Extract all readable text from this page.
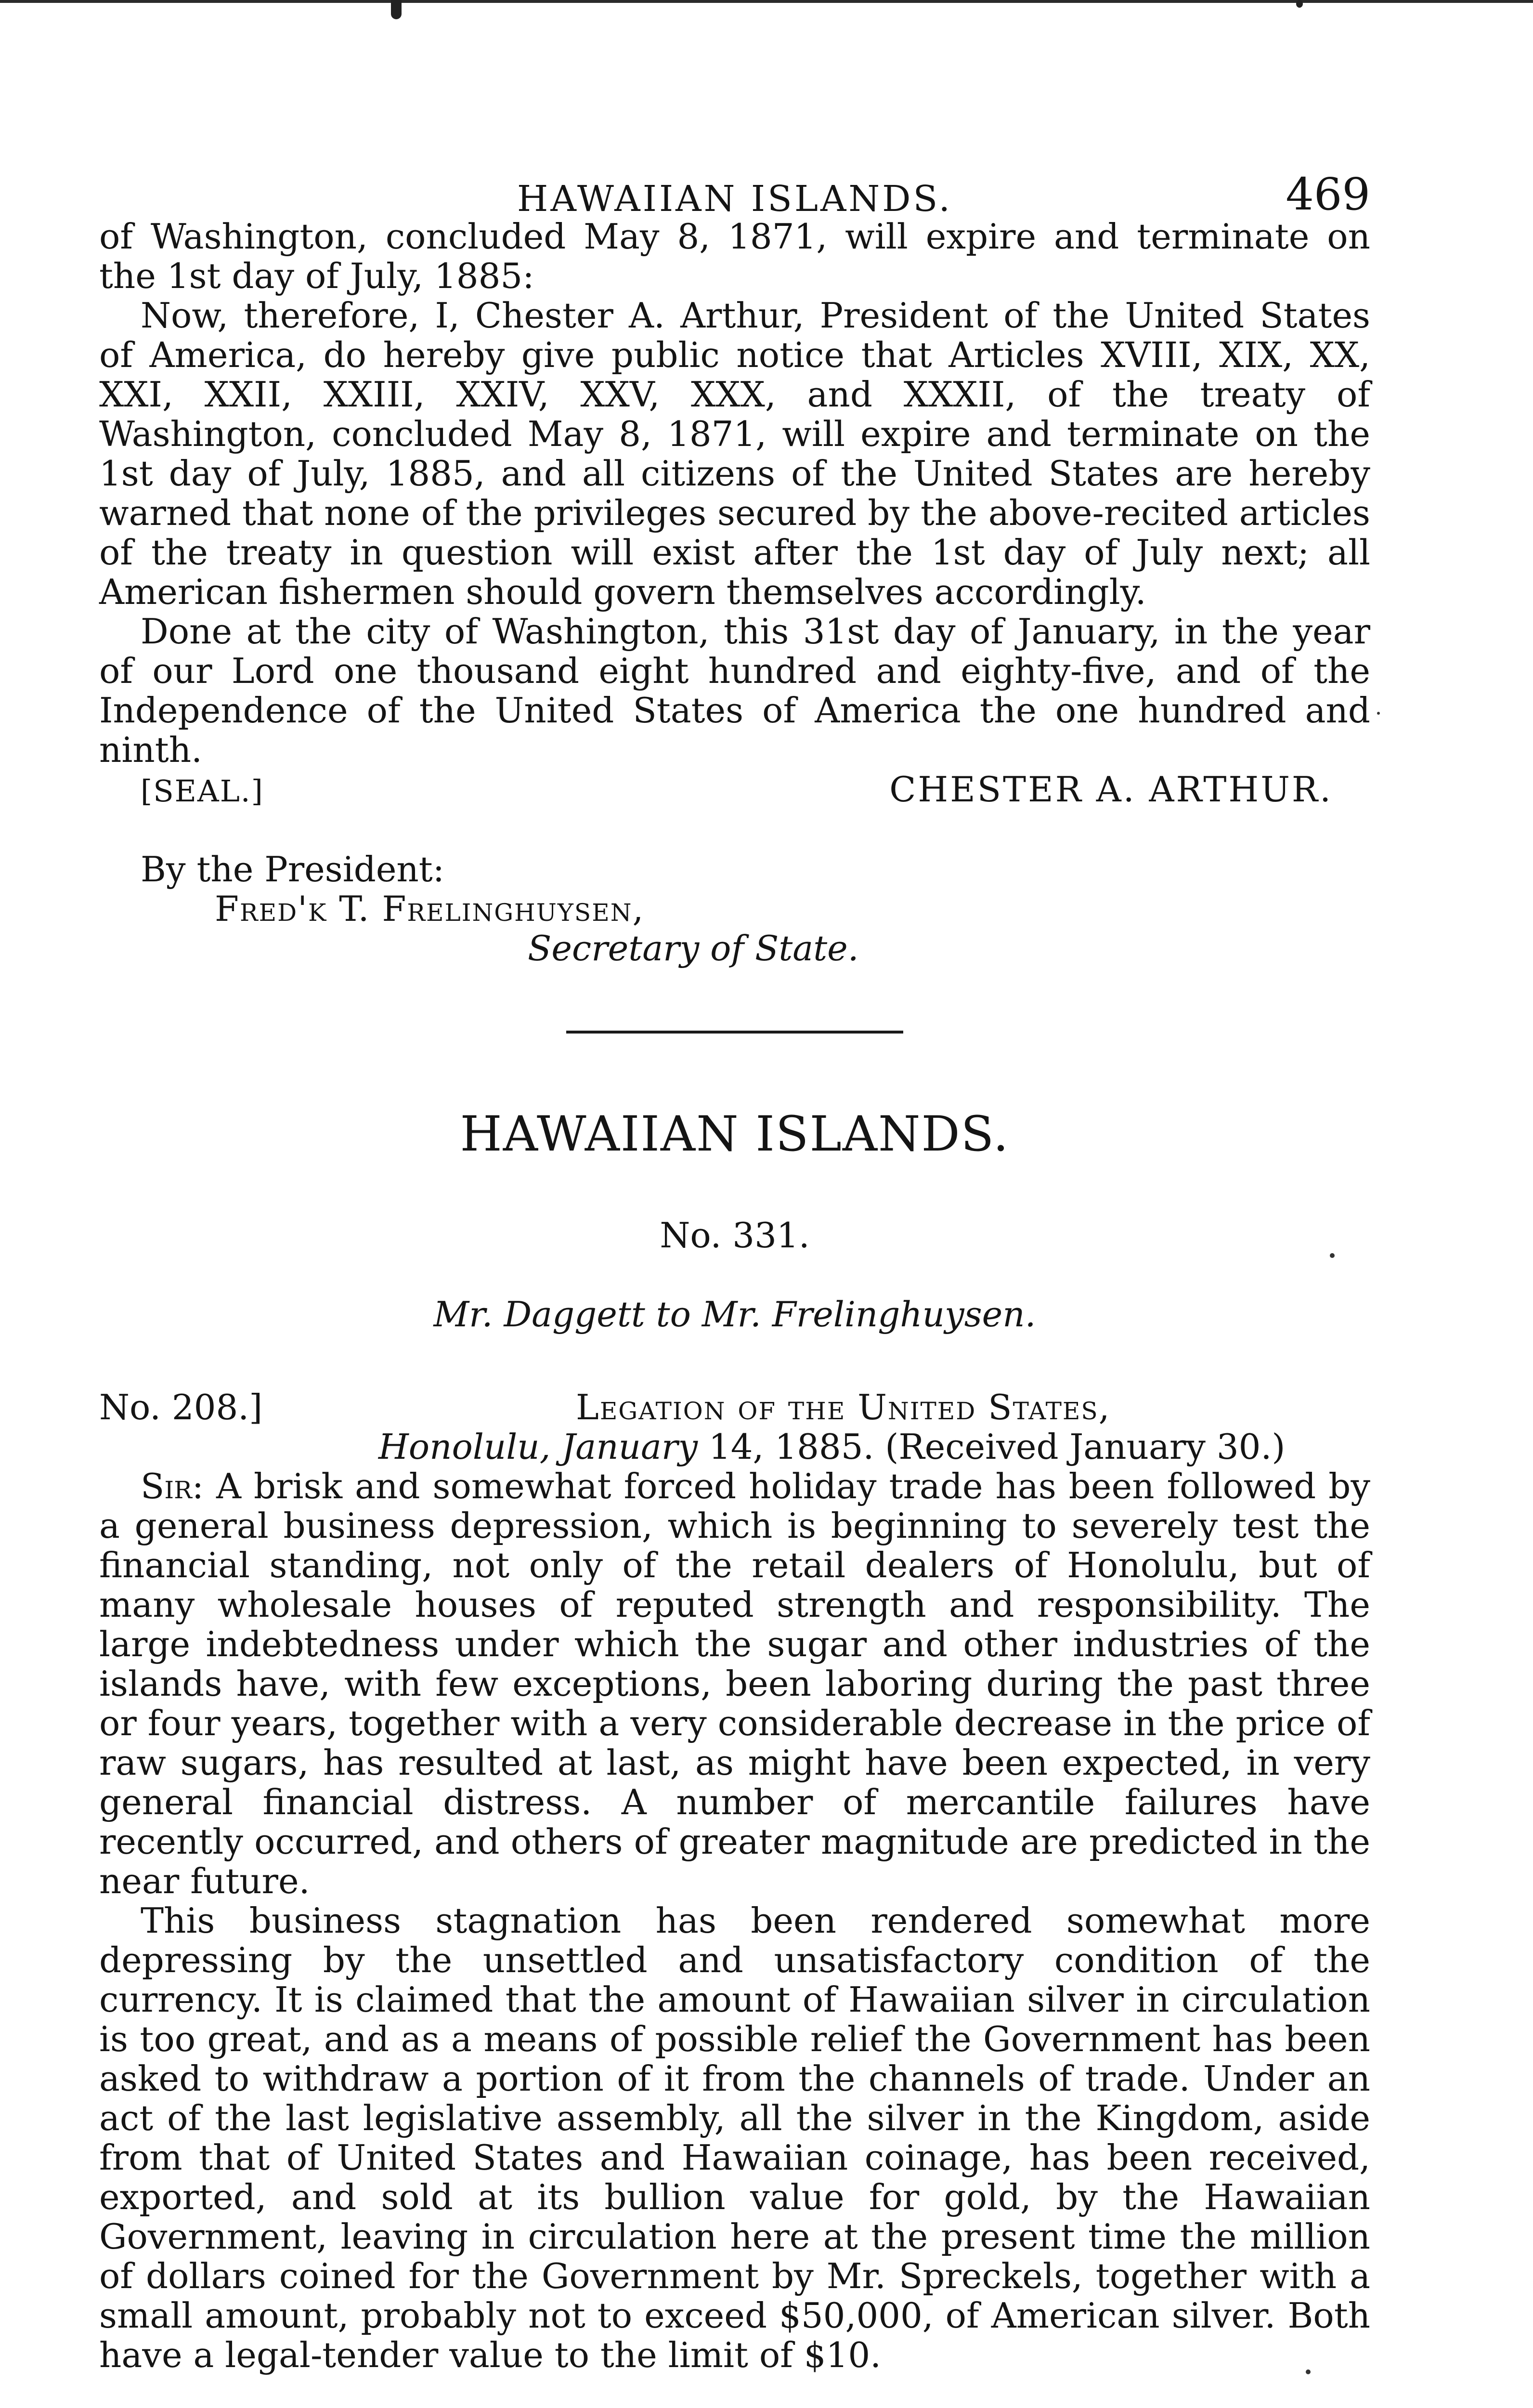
HAWAIIAN ISLANDS.	469

of Washington, concluded May 8, 1871, will expire and terminate on the 1st day of July, 1885:

Now, therefore, I, Chester A. Arthur, President of the United States of America, do hereby give public notice that Articles XVIII, XIX, XX, XXI, XXII, XXIII, XXIV, XXV, XXX, and XXXII, of the treaty of Washington, concluded May 8, 1871, will expire and terminate on the 1st day of July, 1885, and all citizens of the United States are hereby warned that none of the privileges secured by the above-recited articles of the treaty in question will exist after the 1st day of July next; all American fishermen should govern themselves accordingly.

Done at the city of Washington, this 31st day of January, in the year of our Lord one thousand eight hundred and eighty-five, and of the Independence of the United States of America the one hundred and ninth.

[SEAL.]	CHESTER A. ARTHUR.
By the President:
Fred'k T. Frelinghuysen,
Secretary of State.
HAWAIIAN ISLANDS.
No. 331.
Mr. Daggett to Mr. Frelinghuysen.
No. 208.]	Legation of the United States,
Honolulu, January 14, 1885. (Received January 30.)

Sir: A brisk and somewhat forced holiday trade has been followed by a general business depression, which is beginning to severely test the financial standing, not only of the retail dealers of Honolulu, but of many wholesale houses of reputed strength and responsibility. The large indebtedness under which the sugar and other industries of the islands have, with few exceptions, been laboring during the past three or four years, together with a very considerable decrease in the price of raw sugars, has resulted at last, as might have been expected, in very general financial distress. A number of mercantile failures have recently occurred, and others of greater magnitude are predicted in the near future.

This business stagnation has been rendered somewhat more depressing by the unsettled and unsatisfactory condition of the currency. It is claimed that the amount of Hawaiian silver in circulation is too great, and as a means of possible relief the Government has been asked to withdraw a portion of it from the channels of trade. Under an act of the last legislative assembly, all the silver in the Kingdom, aside from that of United States and Hawaiian coinage, has been received, exported, and sold at its bullion value for gold, by the Hawaiian Government, leaving in circulation here at the present time the million of dollars coined for the Government by Mr. Spreckels, together with a small amount, probably not to exceed $50,000, of American silver. Both have a legal-tender value to the limit of $10.
